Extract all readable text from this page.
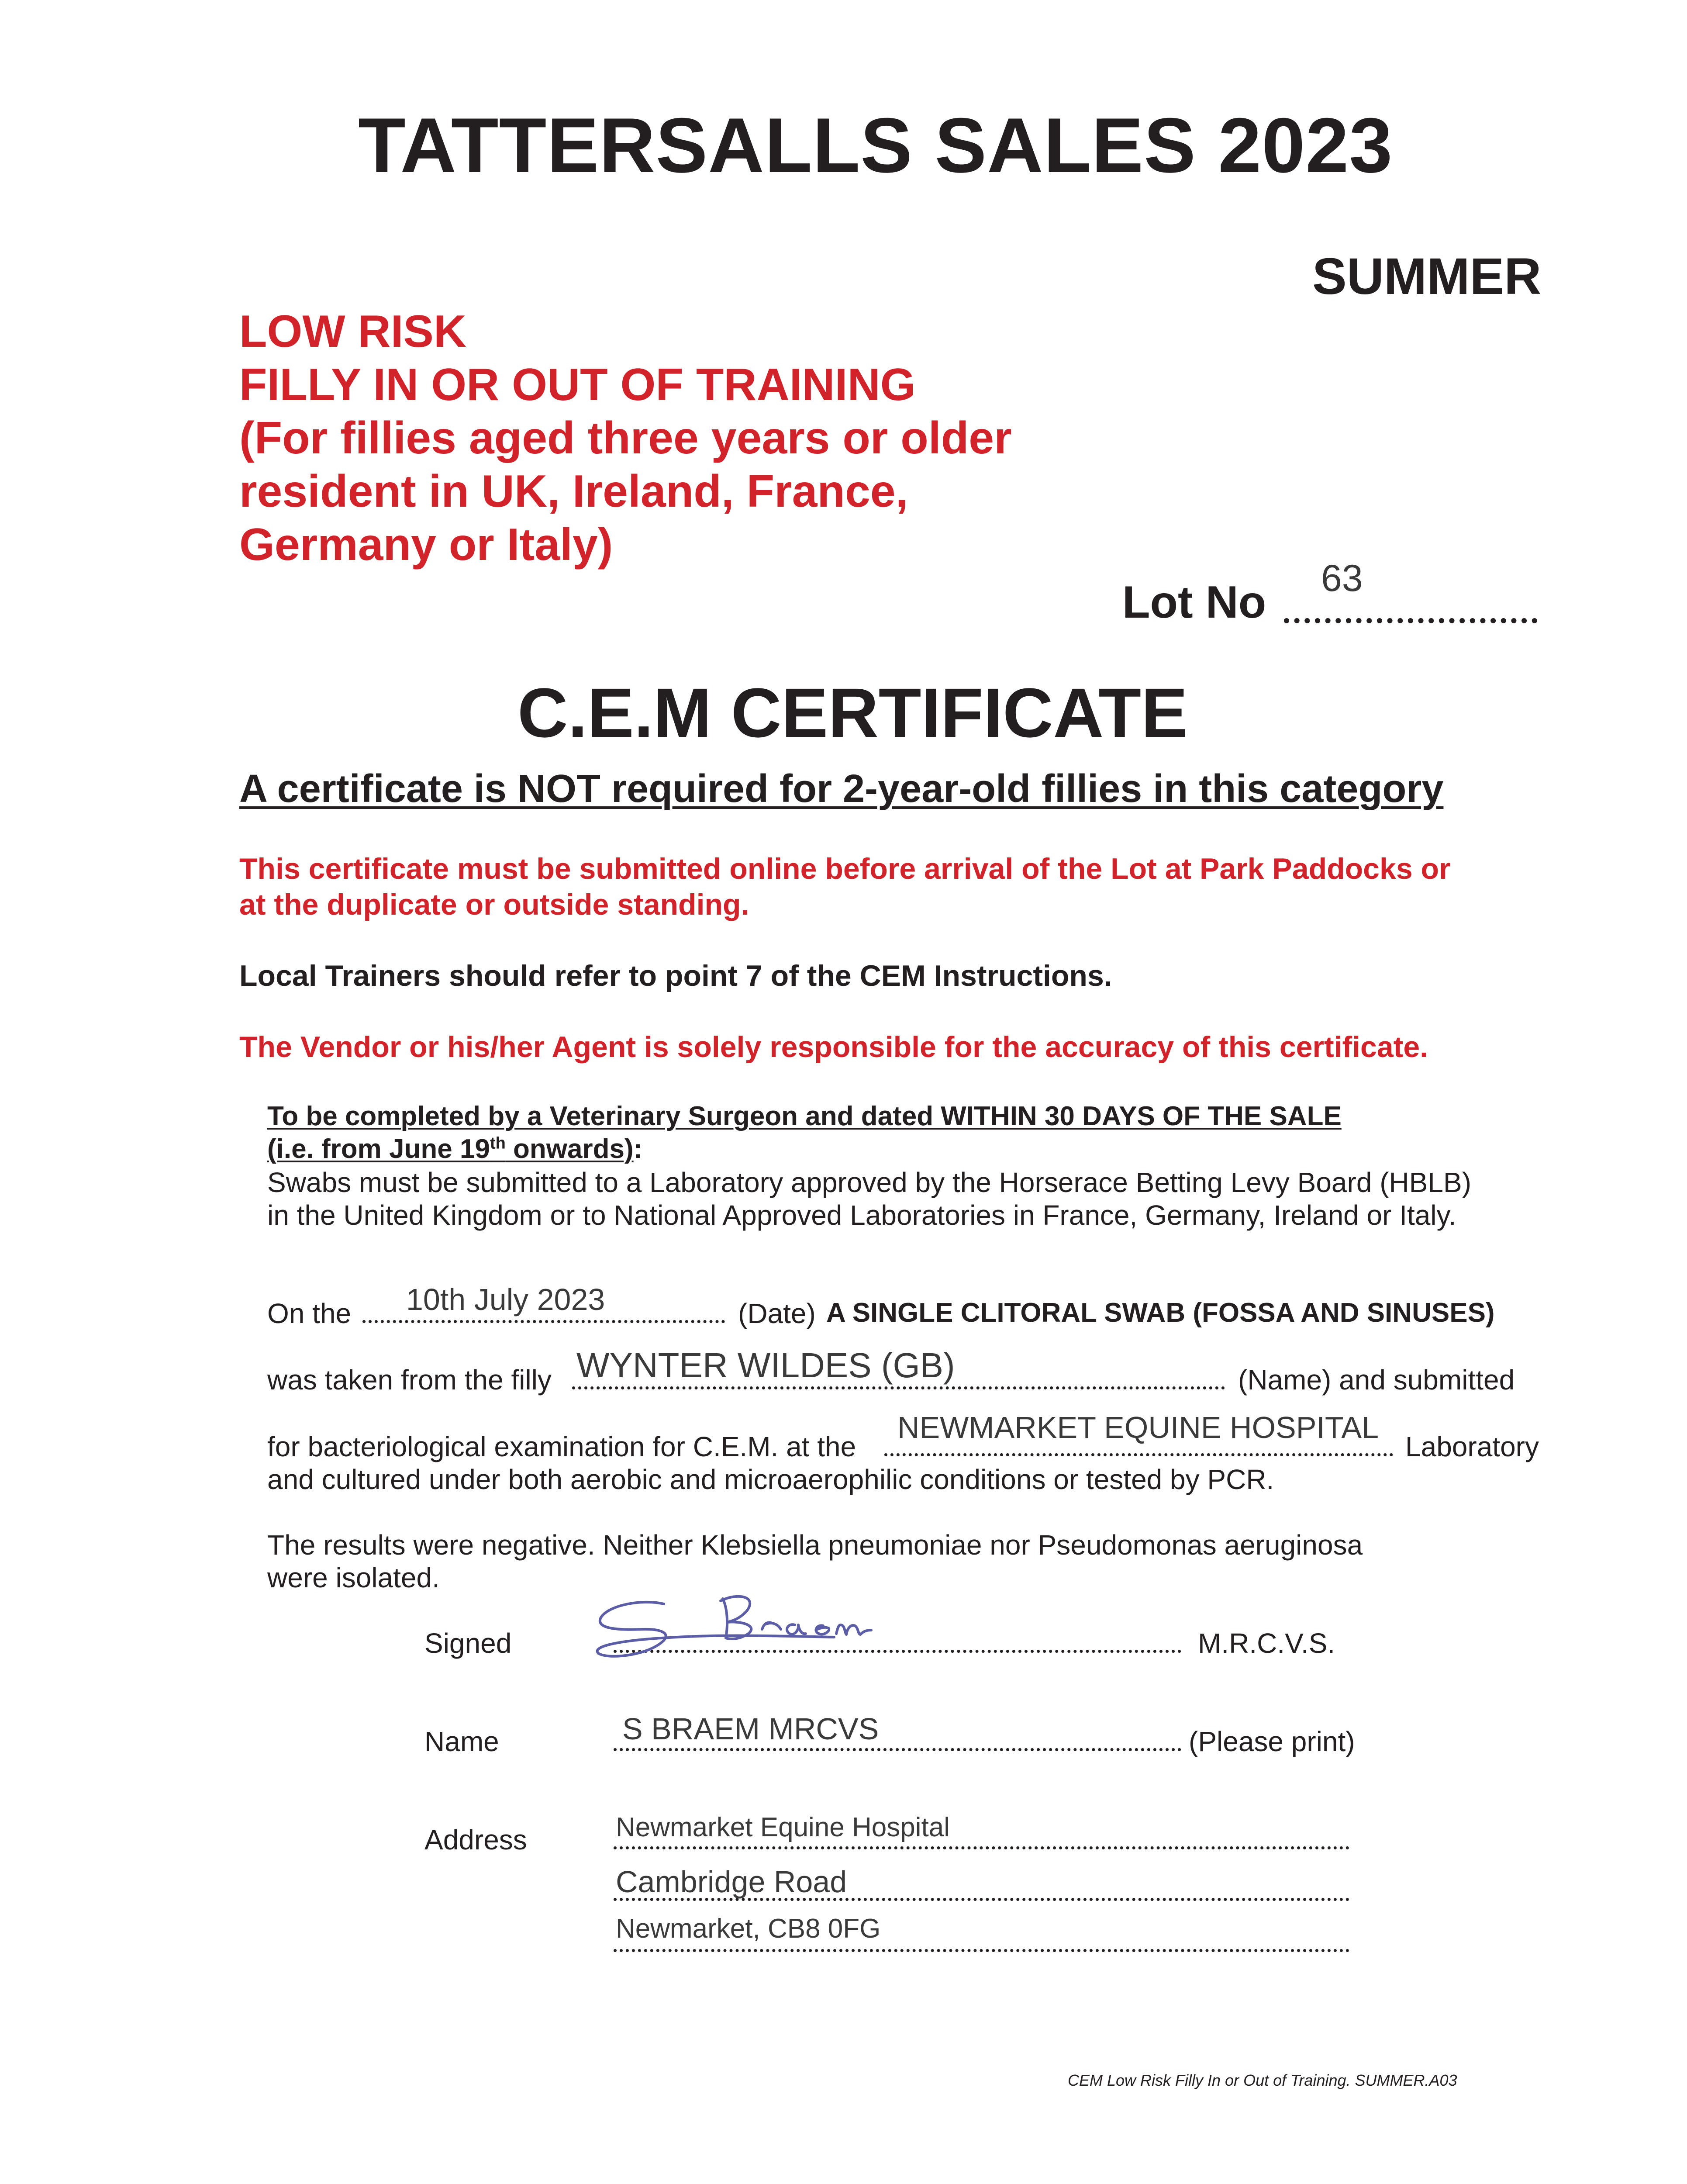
TATTERSALLS SALES 2023
SUMMER
LOW RISK
FILLY IN OR OUT OF TRAINING
(For fillies aged three years or older
resident in UK, Ireland, France,
Germany or Italy)
Lot No 63
C.E.M CERTIFICATE
A certificate is NOT required for 2-year-old fillies in this category
This certificate must be submitted online before arrival of the Lot at Park Paddocks or
at the duplicate or outside standing.
Local Trainers should refer to point 7 of the CEM Instructions.
The Vendor or his/her Agent is solely responsible for the accuracy of this certificate.
To be completed by a Veterinary Surgeon and dated WITHIN 30 DAYS OF THE SALE
(i.e. from June 19th onwards):
Swabs must be submitted to a Laboratory approved by the Horserace Betting Levy Board (HBLB)
in the United Kingdom or to National Approved Laboratories in France, Germany, Ireland or Italy.
On the 10th July 2023	(Date) A SINGLE CLITORAL SWAB (FOSSA AND SINUSES)
was taken from the filly WYNTER WILDES (GB)	(Name) and submitted
for bacteriological examination for C.E.M. at the
NEWMARKET EQUINE HOSPITAL
Laboratory
and cultured under both aerobic and microaerophilic conditions or tested by PCR.
The results were negative. Neither Klebsiella pneumoniae nor Pseudomonas aeruginosa
were isolated.
Signed	M.R.C.V.S.
Name	S BRAEM MRCVS	(Please print)
Address	Newmarket Equine Hospital
Cambridge Road
Newmarket, CB8 0FG
CEM Low Risk Filly In or Out of Training. SUMMER.A03
